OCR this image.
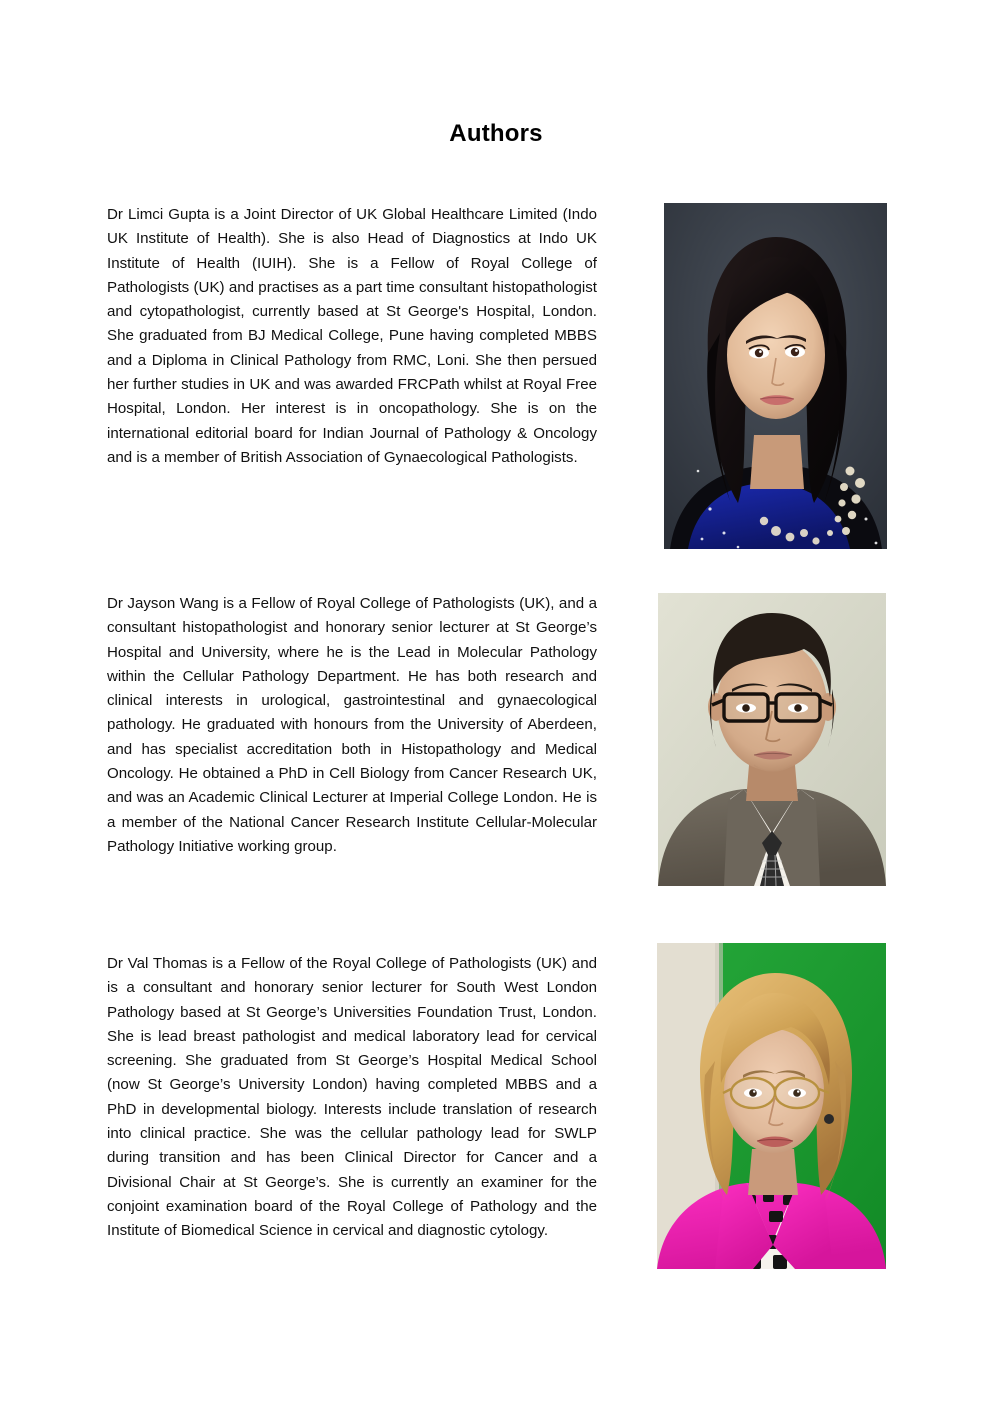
Authors
Dr Limci Gupta is a Joint Director of UK Global Healthcare Limited (Indo UK Institute of Health). She is also Head of Diagnostics at Indo UK Institute of Health (IUIH). She is a Fellow of Royal College of Pathologists (UK) and practises as a part time consultant histopathologist and cytopathologist, currently based at St George's Hospital, London. She graduated from BJ Medical College, Pune having completed MBBS and a Diploma in Clinical Pathology from RMC, Loni. She then persued her further studies in UK and was awarded FRCPath whilst at Royal Free Hospital, London. Her interest is in oncopathology. She is on the international editorial board for Indian Journal of Pathology & Oncology and is a member of British Association of Gynaecological Pathologists.
Dr Jayson Wang is a Fellow of Royal College of Pathologists (UK), and a consultant histopathologist and honorary senior lecturer at St George’s Hospital and University, where he is the Lead in Molecular Pathology within the Cellular Pathology Department. He has both research and clinical interests in urological, gastrointestinal and gynaecological pathology. He graduated with honours from the University of Aberdeen, and has specialist accreditation both in Histopathology and Medical Oncology. He obtained a PhD in Cell Biology from Cancer Research UK, and was an Academic Clinical Lecturer at Imperial College London. He is a member of the National Cancer Research Institute Cellular-Molecular Pathology Initiative working group.
Dr Val Thomas is a Fellow of the Royal College of Pathologists (UK) and is a consultant and honorary senior lecturer for South West London Pathology based at St George’s Universities Foundation Trust, London. She is lead breast pathologist and medical laboratory lead for cervical screening. She graduated from St George’s Hospital Medical School (now St George’s University London) having completed MBBS and a PhD in developmental biology. Interests include translation of research into clinical practice. She was the cellular pathology lead for SWLP during transition and has been Clinical Director for Cancer and a Divisional Chair at St George’s. She is currently an examiner for the conjoint examination board of the Royal College of Pathology and the Institute of Biomedical Science in cervical and diagnostic cytology.
